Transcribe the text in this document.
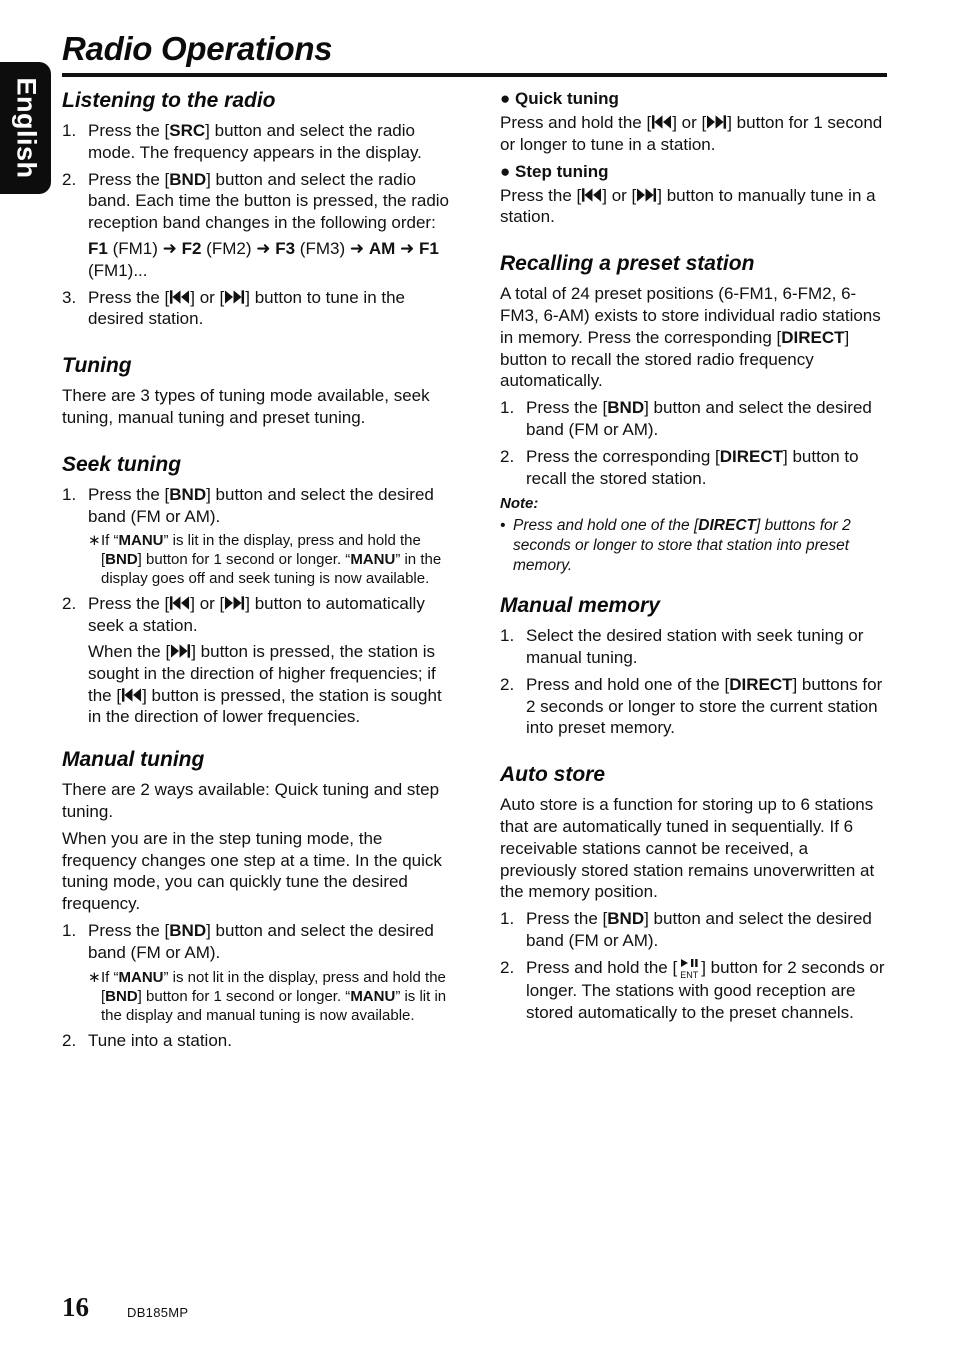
English
Radio Operations
Listening to the radio
1. Press the [SRC] button and select the radio mode. The frequency appears in the display.
2. Press the [BND] button and select the radio band. Each time the button is pressed, the radio reception band changes in the following order:

F1 (FM1) ➜ F2 (FM2) ➜ F3 (FM3) ➜ AM ➜ F1 (FM1)...

3. Press the [ ] or [ ] button to tune in the desired station.
Tuning

There are 3 types of tuning mode available, seek tuning, manual tuning and preset tuning.

Seek tuning
1. Press the [BND] button and select the desired band (FM or AM).
∗ If “MANU” is lit in the display, press and hold the [BND] button for 1 second or longer. “MANU” in the display goes off and seek tuning is now available.
2. Press the [ ] or [ ] button to automatically seek a station.

When the [ ] button is pressed, the station is sought in the direction of higher frequencies; if the [ ] button is pressed, the station is sought in the direction of lower frequencies.

Manual tuning

There are 2 ways available: Quick tuning and step tuning.

When you are in the step tuning mode, the frequency changes one step at a time. In the quick tuning mode, you can quickly tune the desired frequency.

1. Press the [BND] button and select the desired band (FM or AM).
∗ If “MANU” is not lit in the display, press and hold the [BND] button for 1 second or longer. “MANU” is lit in the display and manual tuning is now available.
2. Tune into a station.
● Quick tuning

Press and hold the [ ] or [ ] button for 1 second or longer to tune in a station.

● Step tuning

Press the [ ] or [ ] button to manually tune in a station.

Recalling a preset station

A total of 24 preset positions (6-FM1, 6-FM2, 6-FM3, 6-AM) exists to store individual radio stations in memory. Press the corresponding [DIRECT] button to recall the stored radio frequency automatically.

1. Press the [BND] button and select the desired band (FM or AM).
2. Press the corresponding [DIRECT] button to recall the stored station.
Note:
• Press and hold one of the [DIRECT] buttons for 2 seconds or longer to store that station into preset memory.
Manual memory
1. Select the desired station with seek tuning or manual tuning.
2. Press and hold one of the [DIRECT] buttons for 2 seconds or longer to store the current station into preset memory.
Auto store

Auto store is a function for storing up to 6 stations that are automatically tuned in sequentially. If 6 receivable stations cannot be received, a previously stored station remains unoverwritten at the memory position.

1. Press the [BND] button and select the desired band (FM or AM).
2. Press and hold the [ ENT ] button for 2 seconds or longer. The stations with good reception are stored automatically to the preset channels.
16	DB185MP
